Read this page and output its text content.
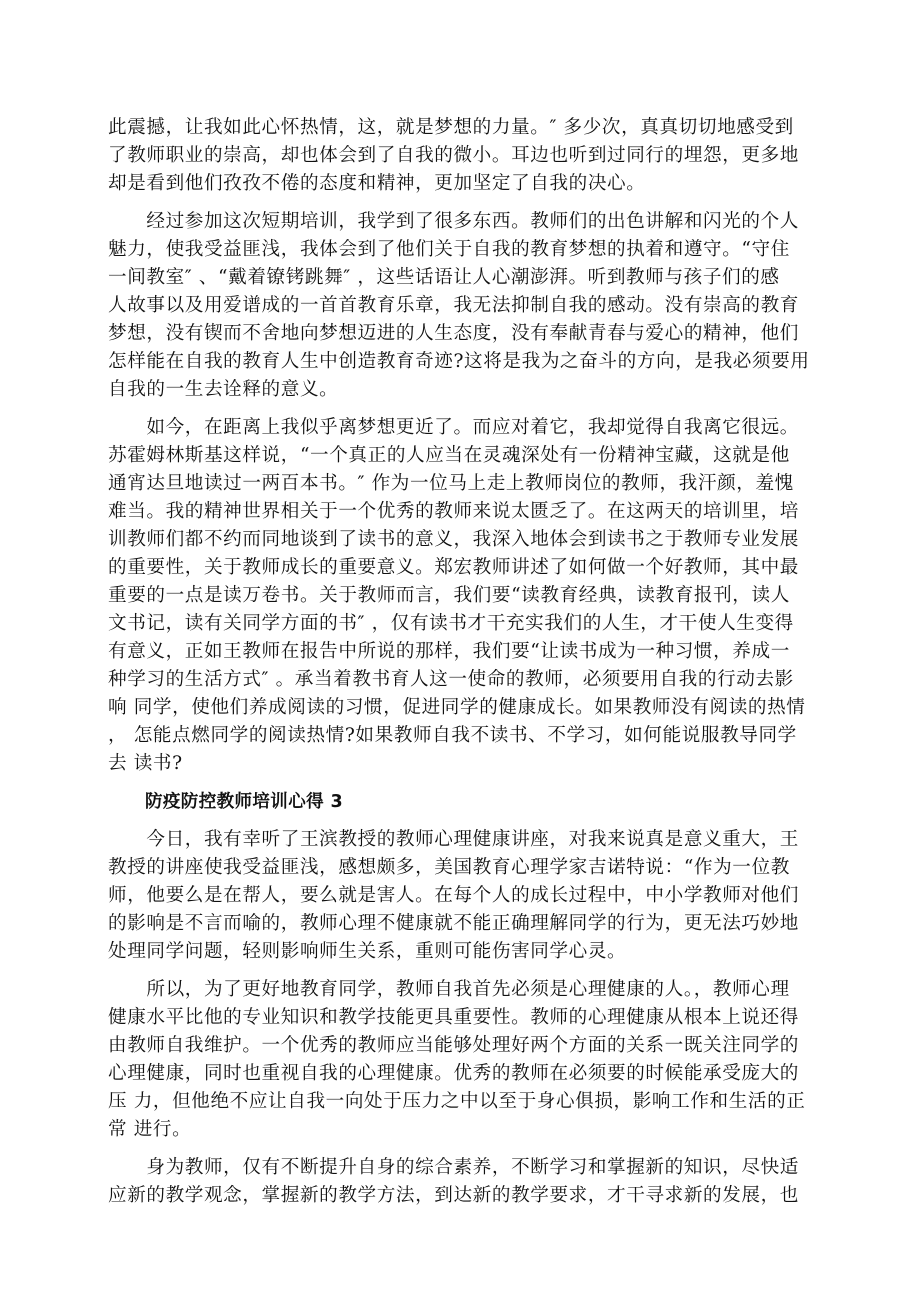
此震撼，让我如此心怀热情，这，就是梦想的力量。″ 多少次，真真切切地感受到
了教师职业的崇高，却也体会到了自我的微小。耳边也听到过同行的埋怨，更多地
却是看到他们孜孜不倦的态度和精神，更加坚定了自我的决心。
　　经过参加这次短期培训，我学到了很多东西。教师们的出色讲解和闪光的个人
魅力，使我受益匪浅，我体会到了他们关于自我的教育梦想的执着和遵守。“守住
一间教室″ 、“戴着镣铐跳舞″ ，这些话语让人心潮澎湃。听到教师与孩子们的感
人故事以及用爱谱成的一首首教育乐章，我无法抑制自我的感动。没有崇高的教育
梦想，没有锲而不舍地向梦想迈进的人生态度，没有奉献青春与爱心的精神，他们
怎样能在自我的教育人生中创造教育奇迹?这将是我为之奋斗的方向，是我必须要用
自我的一生去诠释的意义。
　　如今，在距离上我似乎离梦想更近了。而应对着它，我却觉得自我离它很远。
苏霍姆林斯基这样说，“一个真正的人应当在灵魂深处有一份精神宝藏，这就是他
通宵达旦地读过一两百本书。″ 作为一位马上走上教师岗位的教师，我汗颜，羞愧
难当。我的精神世界相关于一个优秀的教师来说太匮乏了。在这两天的培训里，培
训教师们都不约而同地谈到了读书的意义，我深入地体会到读书之于教师专业发展
的重要性，关于教师成长的重要意义。郑宏教师讲述了如何做一个好教师，其中最
重要的一点是读万卷书。关于教师而言，我们要“读教育经典，读教育报刊，读人
文书记，读有关同学方面的书″ ，仅有读书才干充实我们的人生，才干使人生变得
有意义，正如王教师在报告中所说的那样，我们要“让读书成为一种习惯，养成一
种学习的生活方式″ 。承当着教书育人这一使命的教师，必须要用自我的行动去影
响 同学，使他们养成阅读的习惯，促进同学的健康成长。如果教师没有阅读的热情
， 怎能点燃同学的阅读热情?如果教师自我不读书、不学习，如何能说服教导同学
去 读书?
防疫防控教师培训心得 3
　　今日，我有幸听了王滨教授的教师心理健康讲座，对我来说真是意义重大，王
教授的讲座使我受益匪浅，感想颇多，美国教育心理学家吉诺特说：“作为一位教
师，他要么是在帮人，要么就是害人。在每个人的成长过程中，中小学教师对他们
的影响是不言而喻的，教师心理不健康就不能正确理解同学的行为，更无法巧妙地
处理同学问题，轻则影响师生关系，重则可能伤害同学心灵。
　　所以，为了更好地教育同学，教师自我首先必须是心理健康的人。，教师心理
健康水平比他的专业知识和教学技能更具重要性。教师的心理健康从根本上说还得
由教师自我维护。一个优秀的教师应当能够处理好两个方面的关系一既关注同学的
心理健康，同时也重视自我的心理健康。优秀的教师在必须要的时候能承受庞大的
压 力，但他绝不应让自我一向处于压力之中以至于身心俱损，影响工作和生活的正
常 进行。
　　身为教师，仅有不断提升自身的综合素养，不断学习和掌握新的知识，尽快适
应新的教学观念，掌握新的教学方法，到达新的教学要求，才干寻求新的发展，也
